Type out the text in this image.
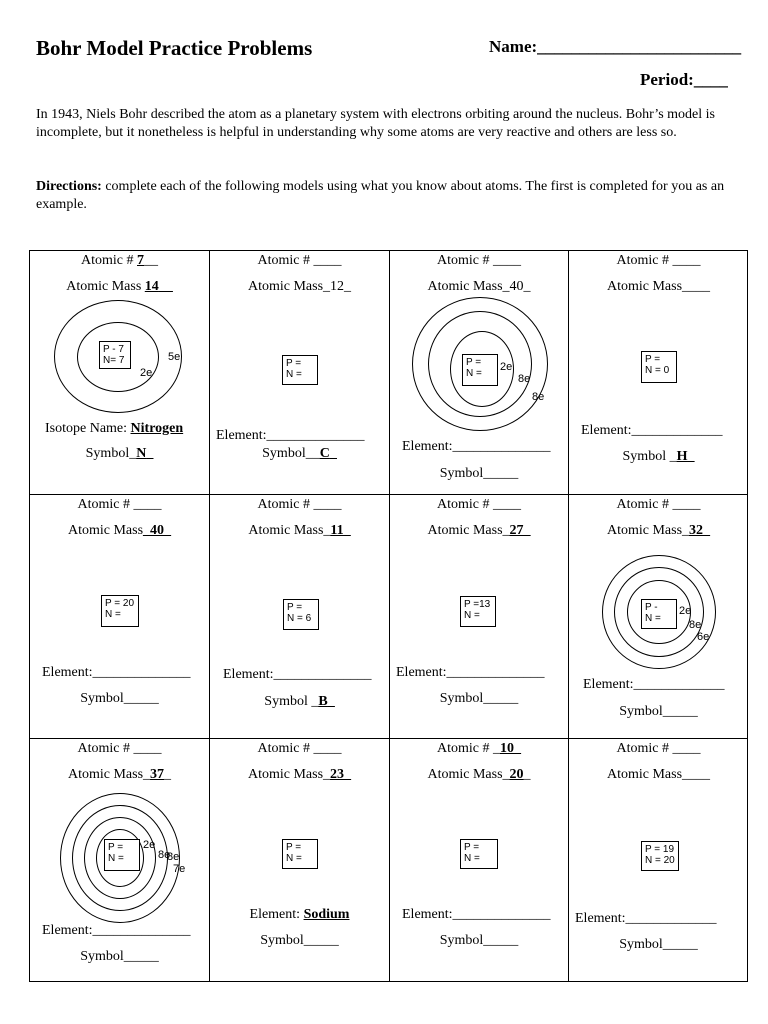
Bohr Model Practice Problems	Name:________________________
Period:____
In 1943, Niels Bohr described the atom as a planetary system with electrons orbiting around the nucleus. Bohr’s model is incomplete, but it nonetheless is helpful in understanding why some atoms are very reactive and others are less so.
Directions: complete each of the following models using what you know about atoms. The first is completed for you as an example.
Atomic # 7__
Atomic Mass 14__
P - 7
N= 7
2e
5e
Isotope Name: Nitrogen
Symbol_N_
Atomic # ____
Atomic Mass_12_
P =
N =
Element:______________
Symbol__C_
Atomic # ____
Atomic Mass_40_
P =
N =
2e
8e
8e
Element:______________
Symbol_____
Atomic # ____
Atomic Mass____
P =
N = 0
Element:_____________
Symbol _H_
Atomic # ____
Atomic Mass_40_
P = 20
N =
Element:______________
Symbol_____
Atomic # ____
Atomic Mass_11_
P =
N = 6
Element:______________
Symbol _B_
Atomic # ____
Atomic Mass_27_
P =13
N =
Element:______________
Symbol_____
Atomic # ____
Atomic Mass_32_
P -
N =
2e
8e
6e
Element:_____________
Symbol_____
Atomic # ____
Atomic Mass_37_
P =
N =
2e
8e
8e
7e
Element:______________
Symbol_____
Atomic # ____
Atomic Mass_23_
P =
N =
Element: Sodium
Symbol_____
Atomic # _10_
Atomic Mass_20_
P =
N =
Element:______________
Symbol_____
Atomic # ____
Atomic Mass____
P = 19
N = 20
Element:_____________
Symbol_____
